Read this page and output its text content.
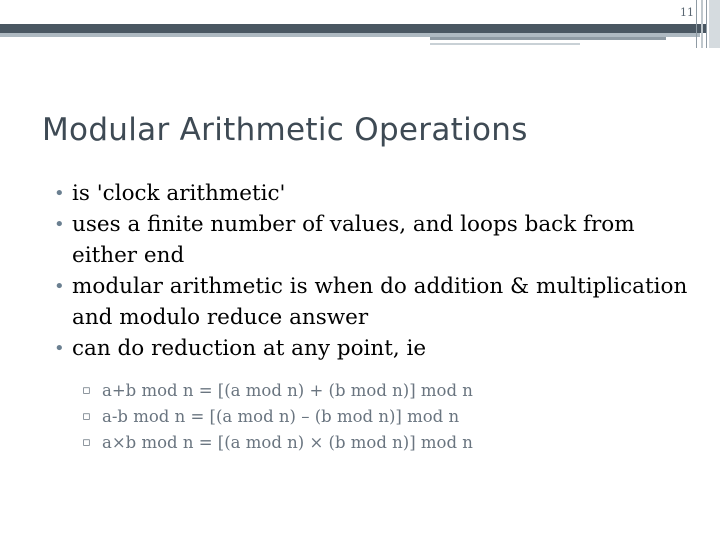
11
Modular Arithmetic Operations
• is 'clock arithmetic'
• uses a finite number of values, and loops back from either end
• modular arithmetic is when do addition & multiplication and modulo reduce answer
• can do reduction at any point, ie
▫ a+b mod n = [(a mod n) + (b mod n)] mod n
▫ a-b mod n = [(a mod n) – (b mod n)] mod n
▫ a×b mod n = [(a mod n) × (b mod n)] mod n
